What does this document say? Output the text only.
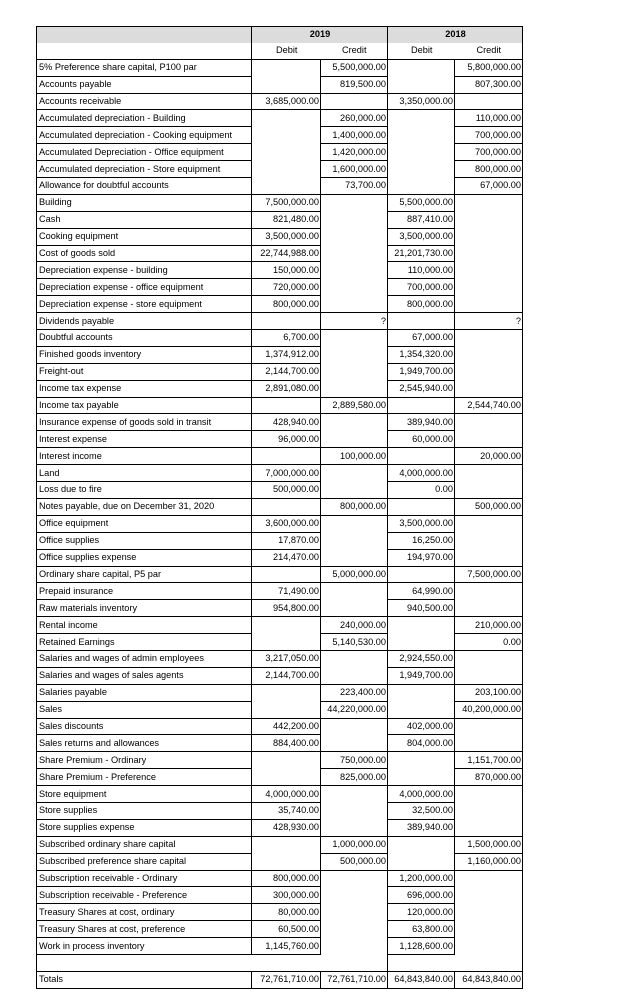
	2019		2018	
	Debit	Credit	Debit	Credit
5% Preference share capital, P100 par		5,500,000.00		5,800,000.00
Accounts payable		819,500.00		807,300.00
Accounts receivable	3,685,000.00		3,350,000.00	
Accumulated depreciation - Building		260,000.00		110,000.00
Accumulated depreciation - Cooking equipment		1,400,000.00		700,000.00
Accumulated Depreciation - Office equipment		1,420,000.00		700,000.00
Accumulated depreciation - Store equipment		1,600,000.00		800,000.00
Allowance for doubtful accounts		73,700.00		67,000.00
Building	7,500,000.00		5,500,000.00	
Cash	821,480.00		887,410.00	
Cooking equipment	3,500,000.00		3,500,000.00	
Cost of goods sold	22,744,988.00		21,201,730.00	
Depreciation expense - building	150,000.00		110,000.00	
Depreciation expense - office equipment	720,000.00		700,000.00	
Depreciation expense - store equipment	800,000.00		800,000.00	
Dividends payable		?		?
Doubtful accounts	6,700.00		67,000.00	
Finished goods inventory	1,374,912.00		1,354,320.00	
Freight-out	2,144,700.00		1,949,700.00	
Income tax expense	2,891,080.00		2,545,940.00	
Income tax payable		2,889,580.00		2,544,740.00
Insurance expense of goods sold in transit	428,940.00		389,940.00	
Interest expense	96,000.00		60,000.00	
Interest income		100,000.00		20,000.00
Land	7,000,000.00		4,000,000.00	
Loss due to fire	500,000.00		0.00	
Notes payable, due on December 31, 2020		800,000.00		500,000.00
Office equipment	3,600,000.00		3,500,000.00	
Office supplies	17,870.00		16,250.00	
Office supplies expense	214,470.00		194,970.00	
Ordinary share capital, P5 par		5,000,000.00		7,500,000.00
Prepaid insurance	71,490.00		64,990.00	
Raw materials inventory	954,800.00		940,500.00	
Rental income		240,000.00		210,000.00
Retained Earnings		5,140,530.00		0.00
Salaries and wages of admin employees	3,217,050.00		2,924,550.00	
Salaries and wages of sales agents	2,144,700.00		1,949,700.00	
Salaries payable		223,400.00		203,100.00
Sales		44,220,000.00		40,200,000.00
Sales discounts	442,200.00		402,000.00	
Sales returns and allowances	884,400.00		804,000.00	
Share Premium - Ordinary		750,000.00		1,151,700.00
Share Premium - Preference		825,000.00		870,000.00
Store equipment	4,000,000.00		4,000,000.00	
Store supplies	35,740.00		32,500.00	
Store supplies expense	428,930.00		389,940.00	
Subscribed ordinary share capital		1,000,000.00		1,500,000.00
Subscribed preference share capital		500,000.00		1,160,000.00
Subscription receivable - Ordinary	800,000.00		1,200,000.00	
Subscription receivable - Preference	300,000.00		696,000.00	
Treasury Shares at cost, ordinary	80,000.00		120,000.00	
Treasury Shares at cost, preference	60,500.00		63,800.00	
Work in process inventory	1,145,760.00		1,128,600.00	

Totals	72,761,710.00	72,761,710.00	64,843,840.00	64,843,840.00
